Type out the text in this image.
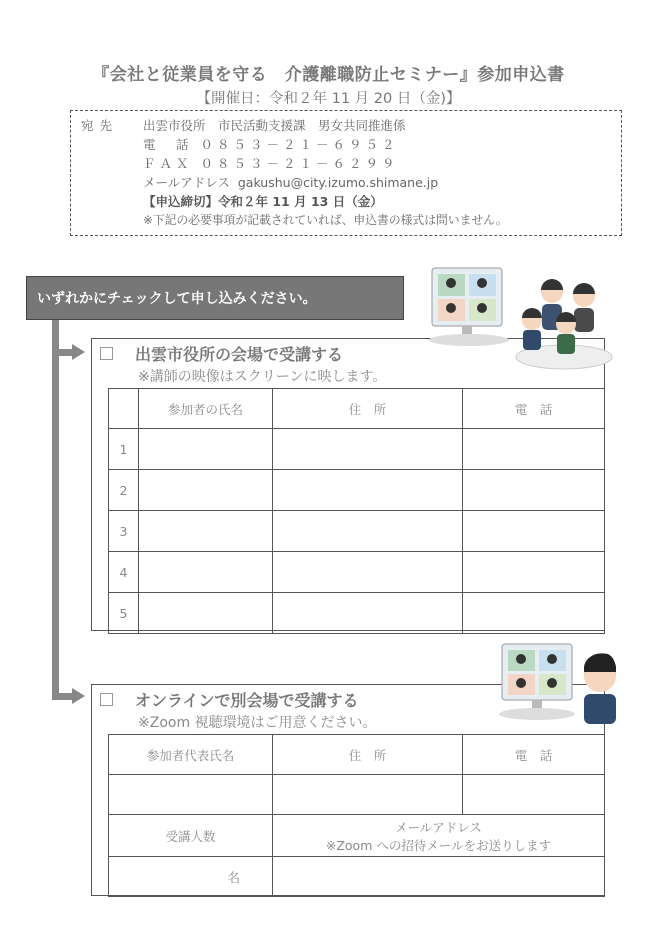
『会社と従業員を守る　介護離職防止セミナー』参加申込書
【開催日：令和２年 11 月 20 日（金)】
宛先	出雲市役所　市民活動支援課　男女共同推進係
電　話 ０８５３－２１－６９５２
ＦＡＸ ０８５３－２１－６２９９
メールアドレス gakushu@city.izumo.shimane.jp
【申込締切】令和２年 11 月 13 日（金）
※下記の必要事項が記載されていれば、申込書の様式は問いません。
いずれかにチェックして申し込みください。
出雲市役所の会場で受講する
※講師の映像はスクリーンに映します。
	参加者の氏名	住　所	電　話
1			
2			
3			
4			
5			
オンラインで別会場で受講する
※Zoom 視聴環境はご用意ください。
参加者代表氏名	住　所	電　話

受講人数	メールアドレス
※Zoom への招待メールをお送りします	

名		
